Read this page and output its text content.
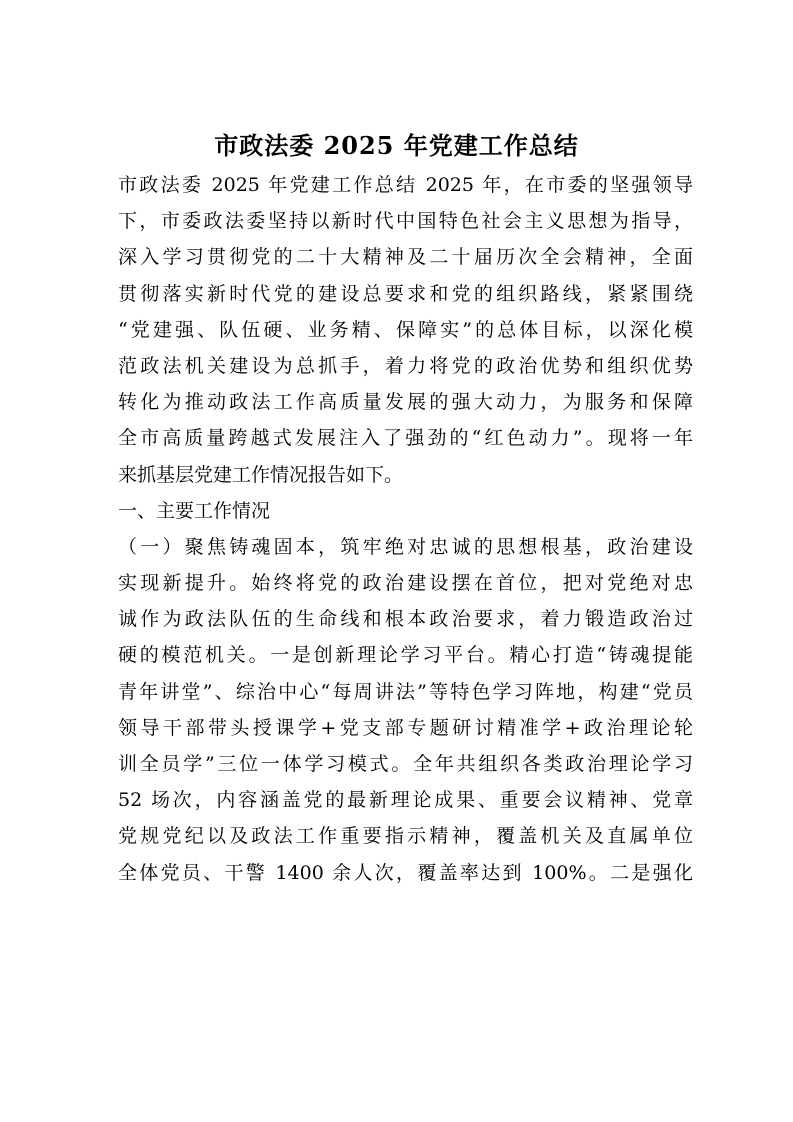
市政法委 2025 年党建工作总结
市政法委 2025 年党建工作总结 2025 年，在市委的坚强领导
下，市委政法委坚持以新时代中国特色社会主义思想为指导，
深入学习贯彻党的二十大精神及二十届历次全会精神，全面
贯彻落实新时代党的建设总要求和党的组织路线，紧紧围绕
“党建强、队伍硬、业务精、保障实”的总体目标，以深化模
范政法机关建设为总抓手，着力将党的政治优势和组织优势
转化为推动政法工作高质量发展的强大动力，为服务和保障
全市高质量跨越式发展注入了强劲的“红色动力”。现将一年
来抓基层党建工作情况报告如下。
一、主要工作情况
（一）聚焦铸魂固本，筑牢绝对忠诚的思想根基，政治建设
实现新提升。始终将党的政治建设摆在首位，把对党绝对忠
诚作为政法队伍的生命线和根本政治要求，着力锻造政治过
硬的模范机关。一是创新理论学习平台。精心打造“铸魂提能
青年讲堂”、综治中心“每周讲法”等特色学习阵地，构建“党员
领导干部带头授课学+党支部专题研讨精准学+政治理论轮
训全员学”三位一体学习模式。全年共组织各类政治理论学习
52 场次，内容涵盖党的最新理论成果、重要会议精神、党章
党规党纪以及政法工作重要指示精神，覆盖机关及直属单位
全体党员、干警 1400 余人次，覆盖率达到 100%。二是强化
